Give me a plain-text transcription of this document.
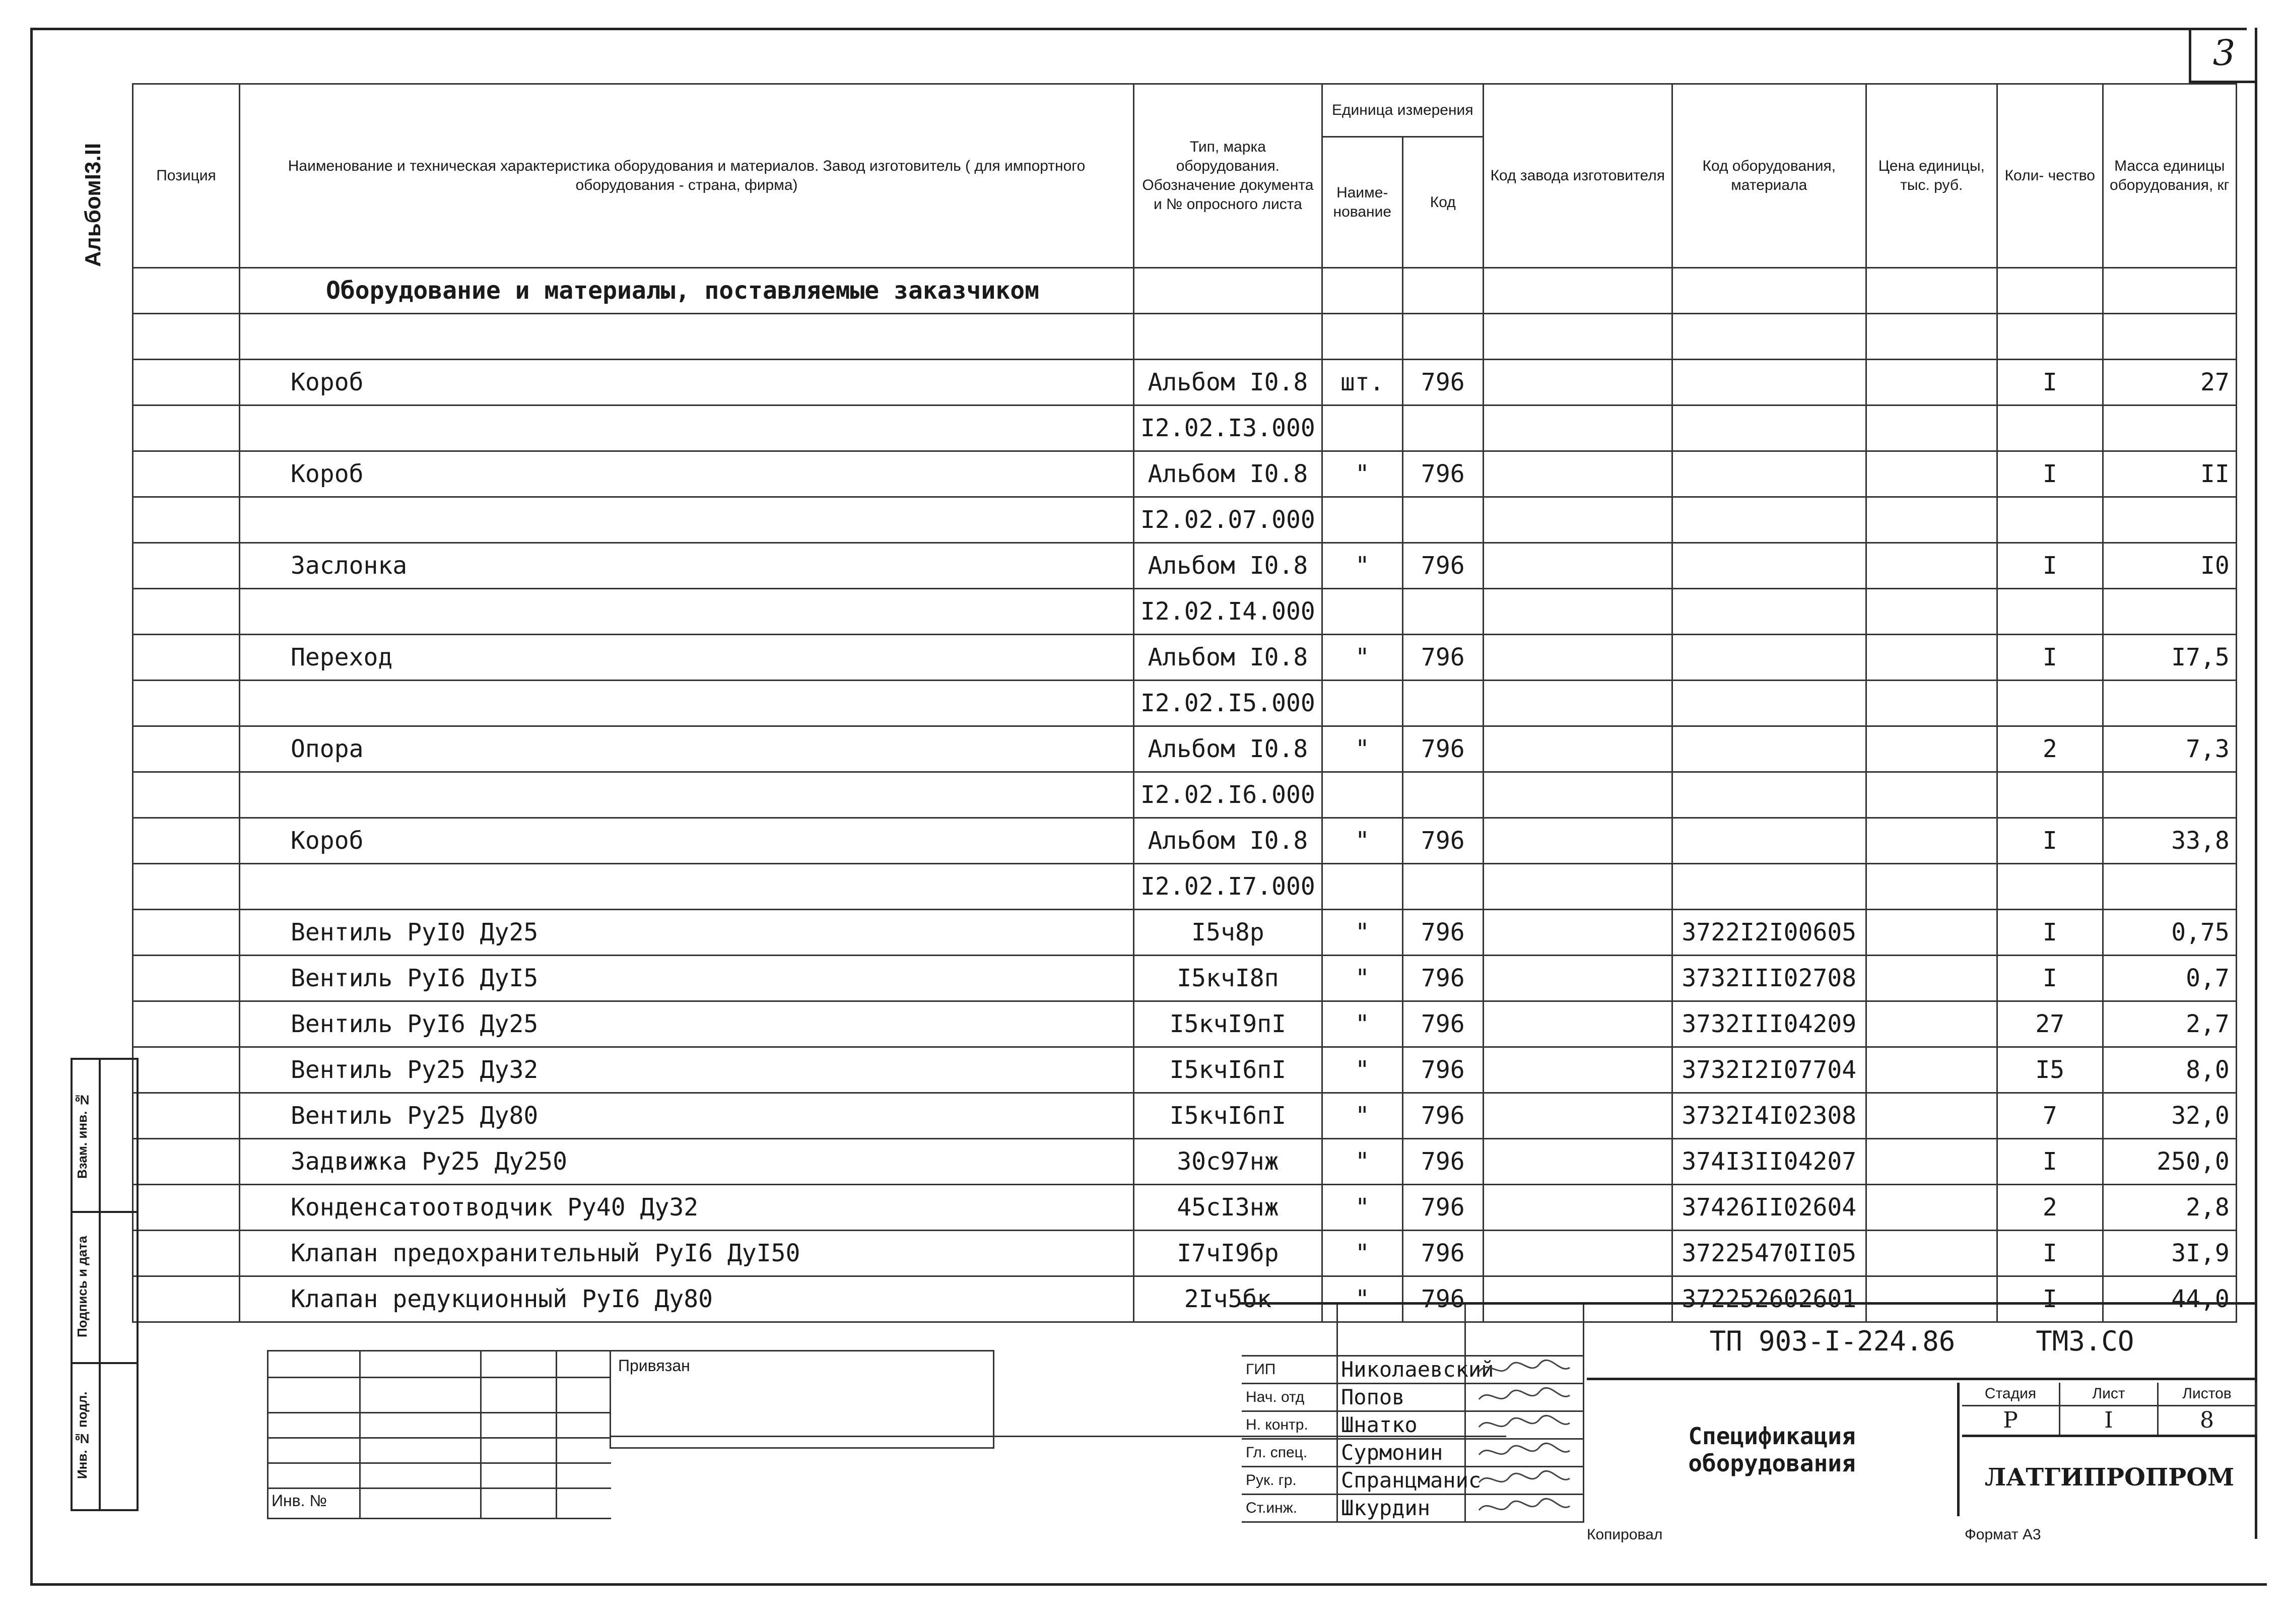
3
АльбомI3.II	Позиция	Наименование и техническая характеристика оборудования и материалов. Завод изготовитель ( для импортного оборудования - страна, фирма)	Тип, марка оборудования. Обозначение документа и № опросного листа	Единица измерения		Код завода изготовителя	Код оборудования, материала	Цена единицы, тыс. руб.	Коли- чество	Масса единицы оборудования, кг
			Наиме- нование	Код					
	Оборудование и материалы, поставляемые заказчиком								

	Короб	Альбом I0.8	шт.	796				I	27
		I2.02.I3.000							
	Короб	Альбом I0.8	"	796				I	II
		I2.02.07.000							
	Заслонка	Альбом I0.8	"	796				I	I0
		I2.02.I4.000							
	Переход	Альбом I0.8	"	796				I	I7,5
		I2.02.I5.000							
	Опора	Альбом I0.8	"	796				2	7,3
		I2.02.I6.000							
	Короб	Альбом I0.8	"	796				I	33,8
		I2.02.I7.000							
	Вентиль РуI0 Ду25	I5ч8р	"	796		3722I2I00605		I	0,75
	Вентиль РуI6 ДуI5	I5кчI8п	"	796		3732III02708		I	0,7
	Вентиль РуI6 Ду25	I5кчI9пI	"	796		3732III04209		27	2,7
	Вентиль Ру25 Ду32	I5кчI6пI	"	796		3732I2I07704		I5	8,0
	Вентиль Ру25 Ду80	I5кчI6пI	"	796		3732I4I02308		7	32,0
	Задвижка Ру25 Ду250	30с97нж	"	796		374I3II04207		I	250,0
	Конденсатоотводчик Ру40 Ду32	45сI3нж	"	796		37426II02604		2	2,8
	Клапан предохранительный РуI6 ДуI50	I7чI9бр	"	796		37225470II05		I	3I,9
	Клапан редукционный РуI6 Ду80	2Iч5бк	"	796		372252602601		I	44,0
Инв. №
Привязан	ГИП	Николаевский
Нач. отд	Попов
Н. контр.	Шнатко
Гл. спец.	Сурмонин
Рук. гр.	Спранцманис
Ст.инж.	Шкурдин
ТП 903-I-224.86	ТМ3.СО
Спецификация
оборудования
Стадия	Лист	Листов
Р	I	8
ЛАТГИПРОПРОМ
Копировал	Формат А3
Взам. инв. №
Подпись и дата
Инв. № подл.
